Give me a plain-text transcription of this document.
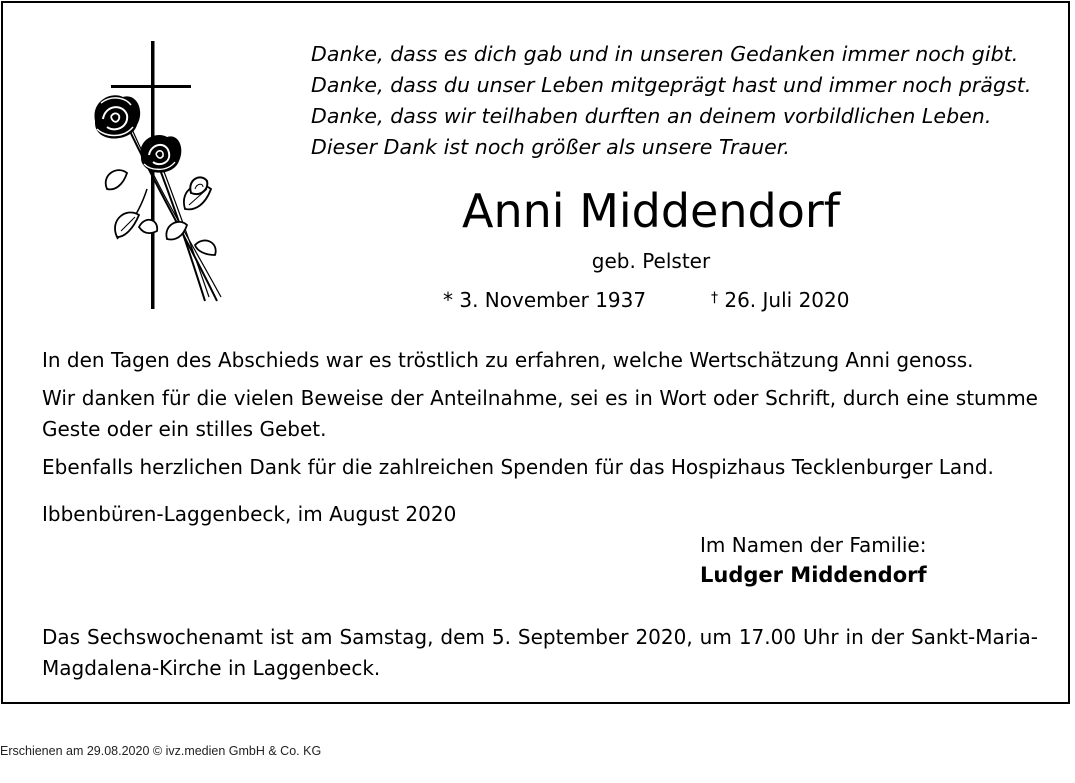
Danke, dass es dich gab und in unseren Gedanken immer noch gibt.
Danke, dass du unser Leben mitgeprägt hast und immer noch prägst.
Danke, dass wir teilhaben durften an deinem vorbildlichen Leben.
Dieser Dank ist noch größer als unsere Trauer.
Anni Middendorf
geb. Pelster
* 3. November 1937	† 26. Juli 2020
In den Tagen des Abschieds war es tröstlich zu erfahren, welche Wertschätzung Anni genoss.
Wir danken für die vielen Beweise der Anteilnahme, sei es in Wort oder Schrift, durch eine stumme Geste oder ein stilles Gebet.
Ebenfalls herzlichen Dank für die zahlreichen Spenden für das Hospizhaus Tecklenburger Land.
Ibbenbüren-Laggenbeck, im August 2020
Im Namen der Familie:
Ludger Middendorf
Das Sechswochenamt ist am Samstag, dem 5. September 2020, um 17.00 Uhr in der Sankt-Maria-Magdalena-Kirche in Laggenbeck.
Erschienen am 29.08.2020 © ivz.medien GmbH & Co. KG
